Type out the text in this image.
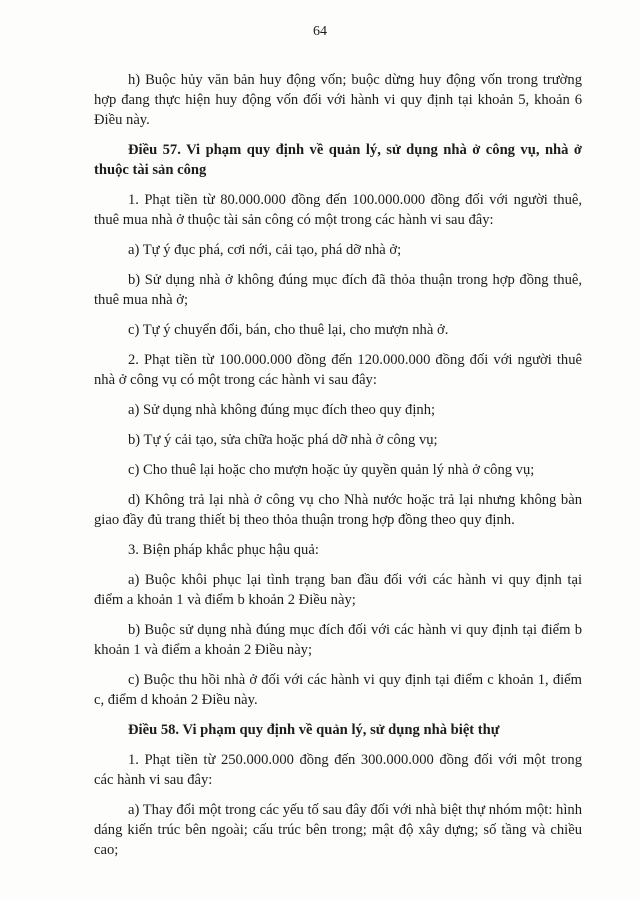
64

h) Buộc hủy văn bản huy động vốn; buộc dừng huy động vốn trong trường hợp đang thực hiện huy động vốn đối với hành vi quy định tại khoản 5, khoản 6 Điều này.

Điều 57. Vi phạm quy định về quản lý, sử dụng nhà ở công vụ, nhà ở thuộc tài sản công

1. Phạt tiền từ 80.000.000 đồng đến 100.000.000 đồng đối với người thuê, thuê mua nhà ở thuộc tài sản công có một trong các hành vi sau đây:

a) Tự ý đục phá, cơi nới, cải tạo, phá dỡ nhà ở;

b) Sử dụng nhà ở không đúng mục đích đã thỏa thuận trong hợp đồng thuê, thuê mua nhà ở;

c) Tự ý chuyển đổi, bán, cho thuê lại, cho mượn nhà ở.

2. Phạt tiền từ 100.000.000 đồng đến 120.000.000 đồng đối với người thuê nhà ở công vụ có một trong các hành vi sau đây:

a) Sử dụng nhà không đúng mục đích theo quy định;

b) Tự ý cải tạo, sửa chữa hoặc phá dỡ nhà ở công vụ;

c) Cho thuê lại hoặc cho mượn hoặc ủy quyền quản lý nhà ở công vụ;

d) Không trả lại nhà ở công vụ cho Nhà nước hoặc trả lại nhưng không bàn giao đầy đủ trang thiết bị theo thỏa thuận trong hợp đồng theo quy định.

3. Biện pháp khắc phục hậu quả:

a) Buộc khôi phục lại tình trạng ban đầu đối với các hành vi quy định tại điểm a khoản 1 và điểm b khoản 2 Điều này;

b) Buộc sử dụng nhà đúng mục đích đối với các hành vi quy định tại điểm b khoản 1 và điểm a khoản 2 Điều này;

c) Buộc thu hồi nhà ở đối với các hành vi quy định tại điểm c khoản 1, điểm c, điểm d khoản 2 Điều này.

Điều 58. Vi phạm quy định về quản lý, sử dụng nhà biệt thự

1. Phạt tiền từ 250.000.000 đồng đến 300.000.000 đồng đối với một trong các hành vi sau đây:

a) Thay đổi một trong các yếu tố sau đây đối với nhà biệt thự nhóm một: hình dáng kiến trúc bên ngoài; cấu trúc bên trong; mật độ xây dựng; số tầng và chiều cao;
